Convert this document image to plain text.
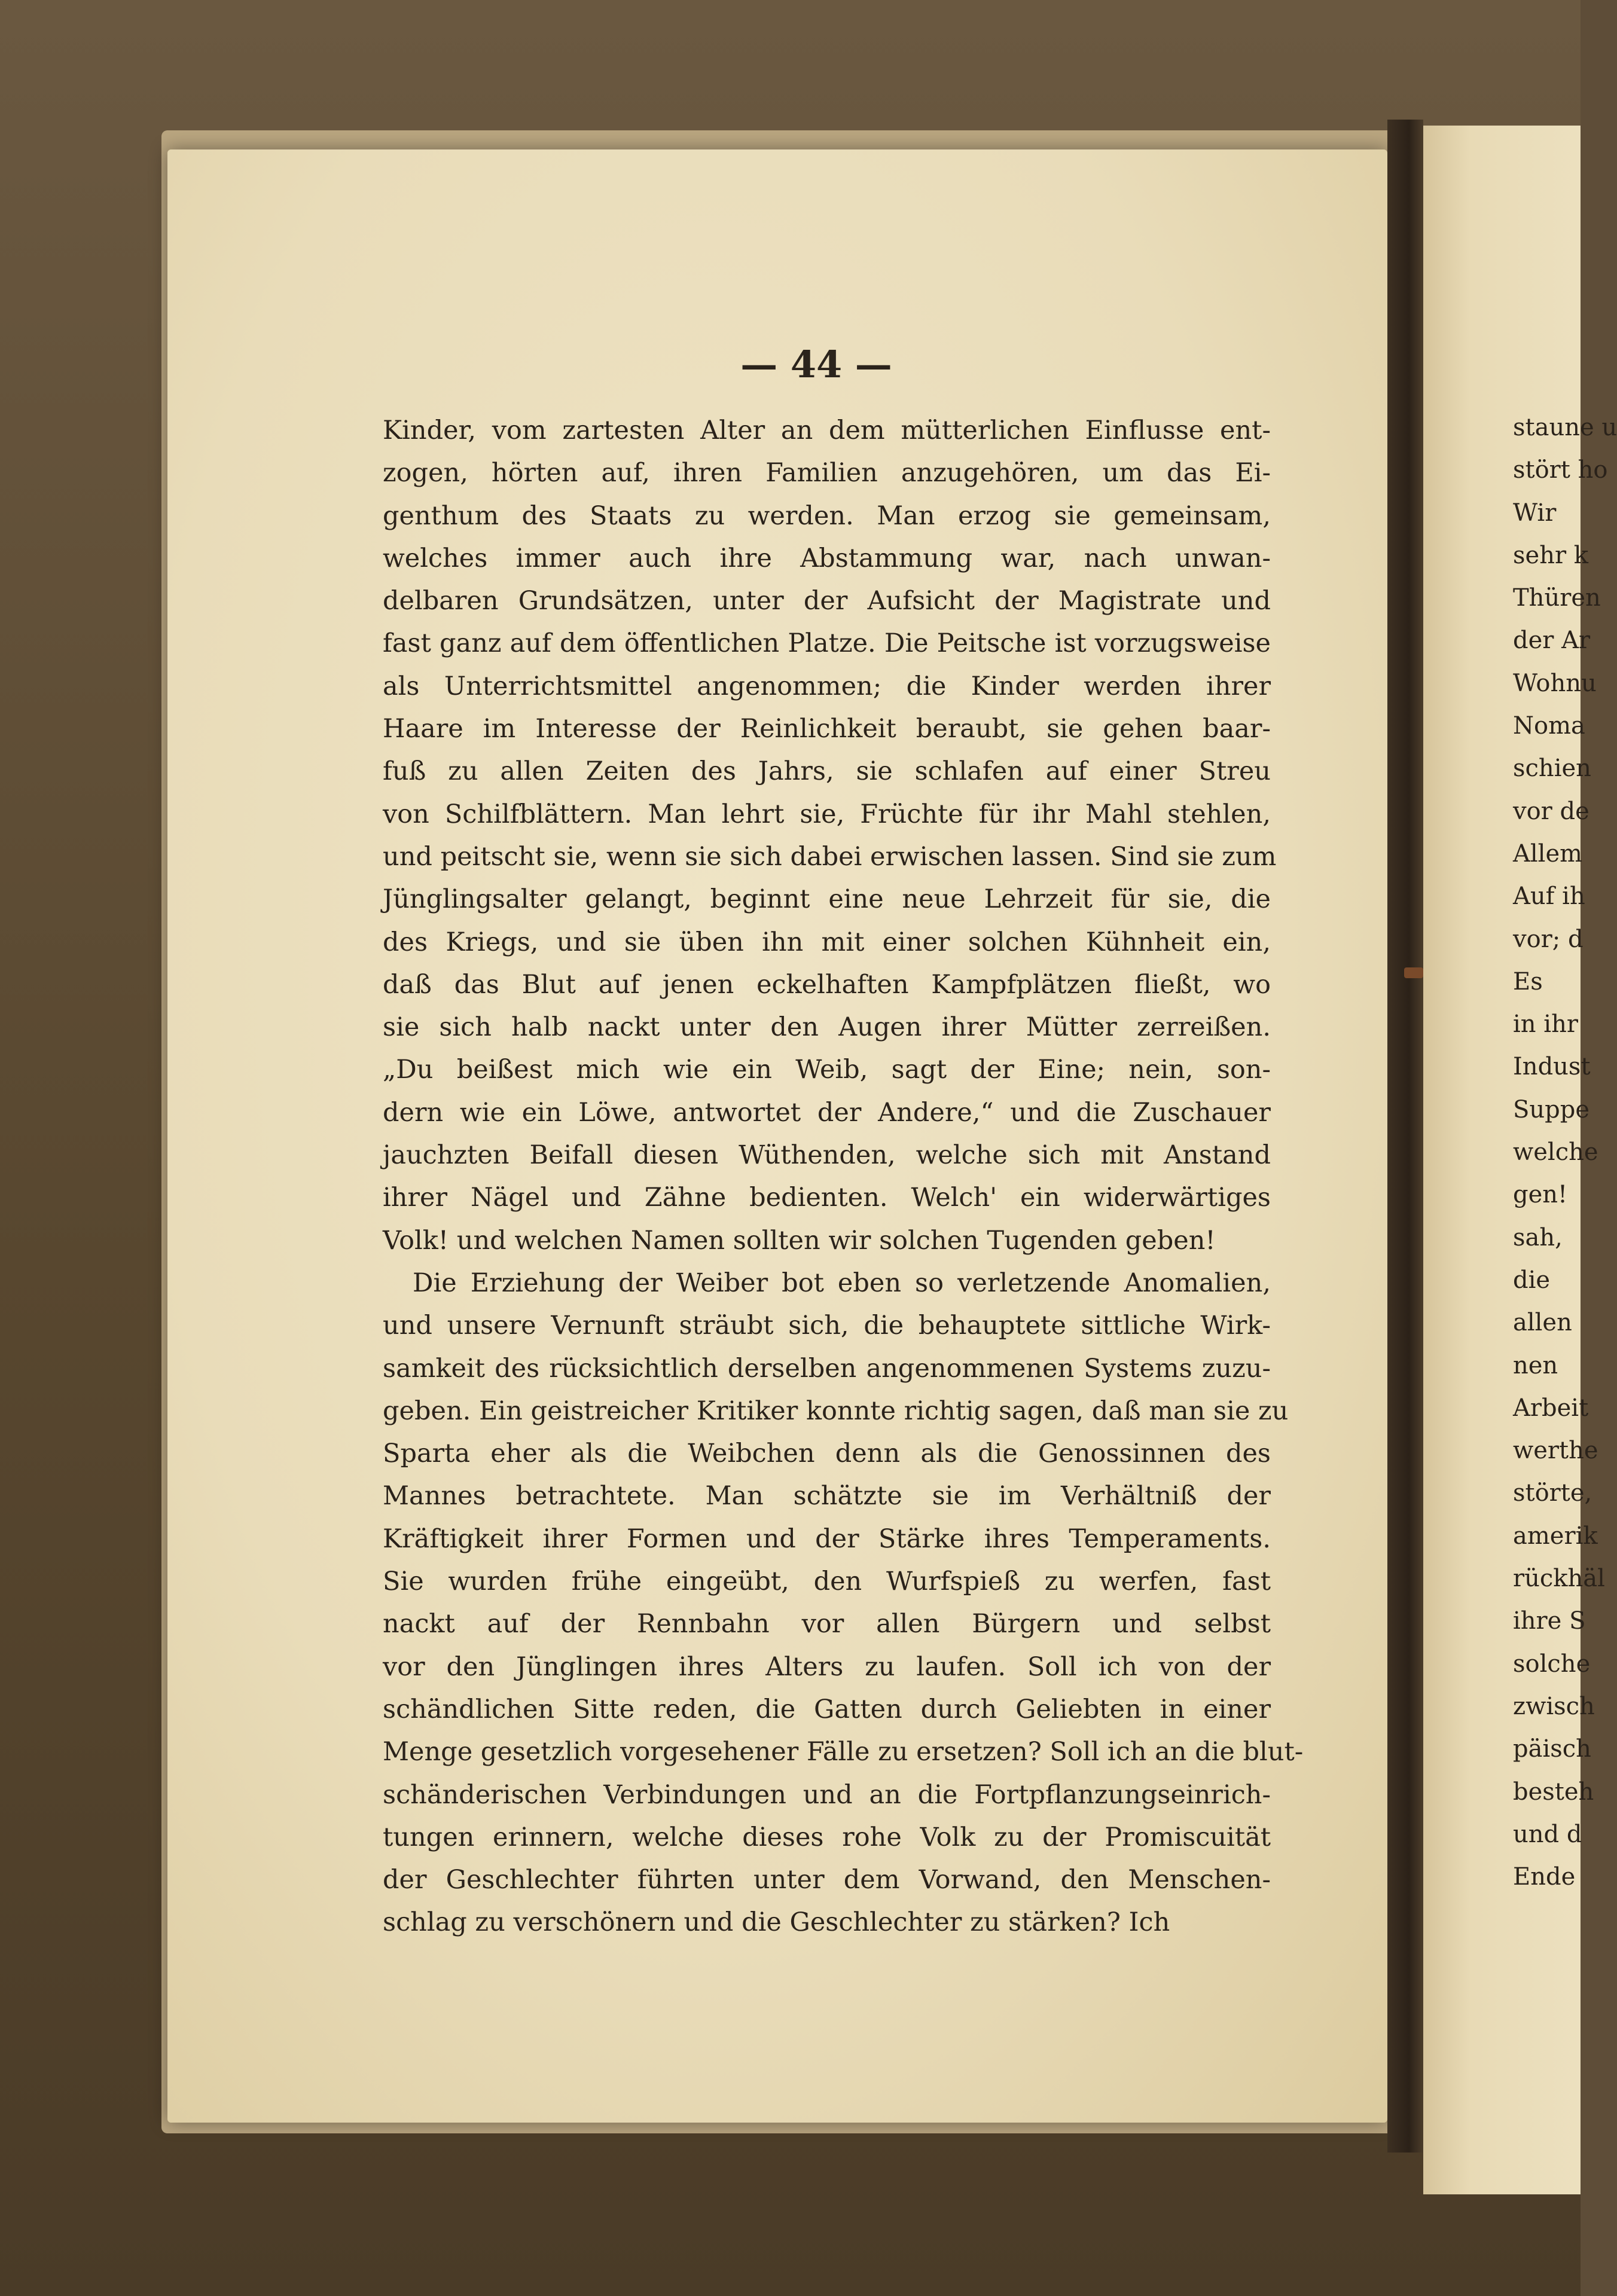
— 44 —
Kinder, vom zartesten Alter an dem mütterlichen Einflusse ent-
zogen, hörten auf, ihren Familien anzugehören, um das Ei-
genthum des Staats zu werden. Man erzog sie gemeinsam,
welches immer auch ihre Abstammung war, nach unwan-
delbaren Grundsätzen, unter der Aufsicht der Magistrate und
fast ganz auf dem öffentlichen Platze. Die Peitsche ist vorzugsweise
als Unterrichtsmittel angenommen; die Kinder werden ihrer
Haare im Interesse der Reinlichkeit beraubt, sie gehen baar-
fuß zu allen Zeiten des Jahrs, sie schlafen auf einer Streu
von Schilfblättern. Man lehrt sie, Früchte für ihr Mahl stehlen,
und peitscht sie, wenn sie sich dabei erwischen lassen. Sind sie zum
Jünglingsalter gelangt, beginnt eine neue Lehrzeit für sie, die
des Kriegs, und sie üben ihn mit einer solchen Kühnheit ein,
daß das Blut auf jenen eckelhaften Kampfplätzen fließt, wo
sie sich halb nackt unter den Augen ihrer Mütter zerreißen.
„Du beißest mich wie ein Weib, sagt der Eine; nein, son-
dern wie ein Löwe, antwortet der Andere,“ und die Zuschauer
jauchzten Beifall diesen Wüthenden, welche sich mit Anstand
ihrer Nägel und Zähne bedienten. Welch' ein widerwärtiges
Volk! und welchen Namen sollten wir solchen Tugenden geben!
Die Erziehung der Weiber bot eben so verletzende Anomalien,
und unsere Vernunft sträubt sich, die behauptete sittliche Wirk-
samkeit des rücksichtlich derselben angenommenen Systems zuzu-
geben. Ein geistreicher Kritiker konnte richtig sagen, daß man sie zu
Sparta eher als die Weibchen denn als die Genossinnen des
Mannes betrachtete. Man schätzte sie im Verhältniß der
Kräftigkeit ihrer Formen und der Stärke ihres Temperaments.
Sie wurden frühe eingeübt, den Wurfspieß zu werfen, fast
nackt auf der Rennbahn vor allen Bürgern und selbst
vor den Jünglingen ihres Alters zu laufen. Soll ich von der
schändlichen Sitte reden, die Gatten durch Geliebten in einer
Menge gesetzlich vorgesehener Fälle zu ersetzen? Soll ich an die blut-
schänderischen Verbindungen und an die Fortpflanzungseinrich-
tungen erinnern, welche dieses rohe Volk zu der Promiscuität
der Geschlechter führten unter dem Vorwand, den Menschen-
schlag zu verschönern und die Geschlechter zu stärken? Ich
staune u
stört ho
Wir
sehr k
Thüren
der Ar
Wohnu
Noma
schien
vor de
Allem
Auf ih
vor; d
Es
in ihr
Indust
Suppe
welche
gen!
sah,
die
allen
nen
Arbeit
werthe
störte,
amerik
rückhäl
ihre S
solche
zwisch
päisch
besteh
und d
Ende
